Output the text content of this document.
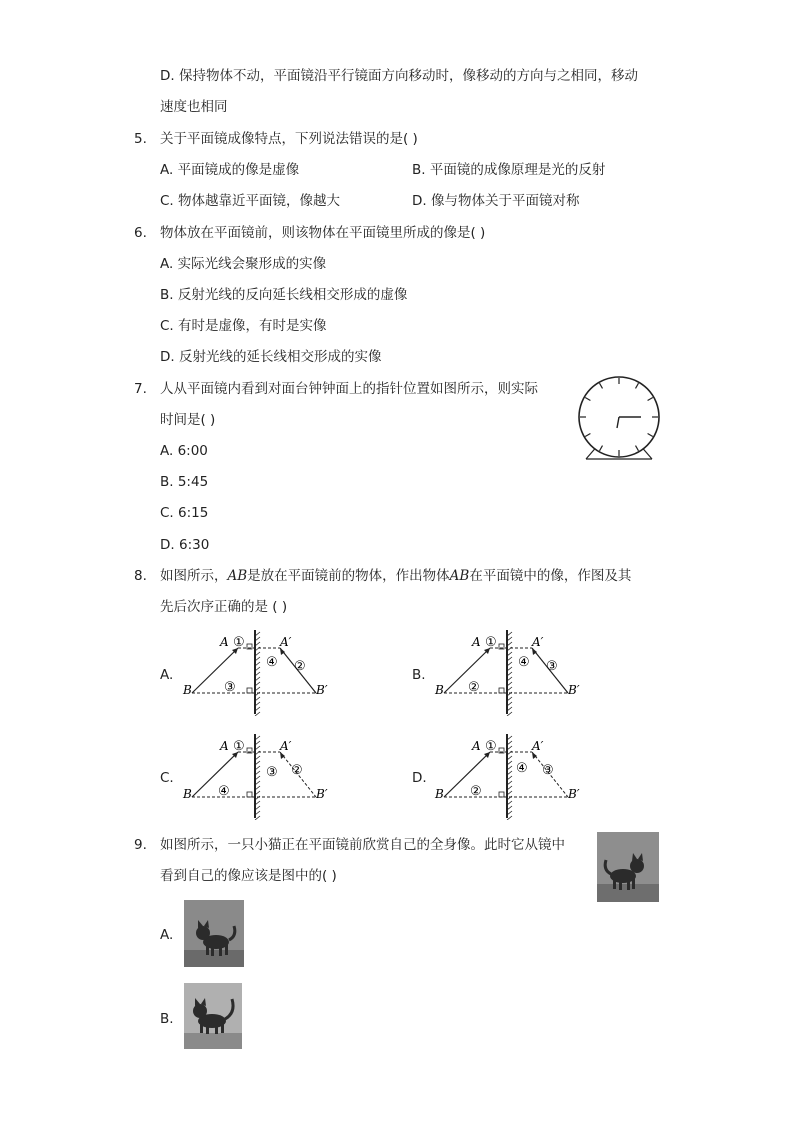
D. 保持物体不动，平面镜沿平行镜面方向移动时，像移动的方向与之相同，移动
速度也相同
5. 关于平面镜成像特点，下列说法错误的是( )
A. 平面镜成的像是虚像	B. 平面镜的成像原理是光的反射
C. 物体越靠近平面镜，像越大	D. 像与物体关于平面镜对称
6. 物体放在平面镜前，则该物体在平面镜里所成的像是( )
A. 实际光线会聚形成的实像
B. 反射光线的反向延长线相交形成的虚像
C. 有时是虚像，有时是实像
D. 反射光线的延长线相交形成的实像
7. 人从平面镜内看到对面台钟钟面上的指针位置如图所示，则实际
时间是( )
A. 6:00
B. 5:45
C. 6:15
D. 6:30
8. 如图所示，AB是放在平面镜前的物体，作出物体AB在平面镜中的像，作图及其
先后次序正确的是 ( )
A.	B.
C.	D.
A
B
A′
B′
①
④ ②
③
A
B
A′
B′
①
④ ③
②
A
B
A′
B′
①
③ ②
④
A
B
A′
B′
①
④ ③
②
9. 如图所示，一只小猫正在平面镜前欣赏自己的全身像。此时它从镜中
看到自己的像应该是图中的( )
A.
B.
